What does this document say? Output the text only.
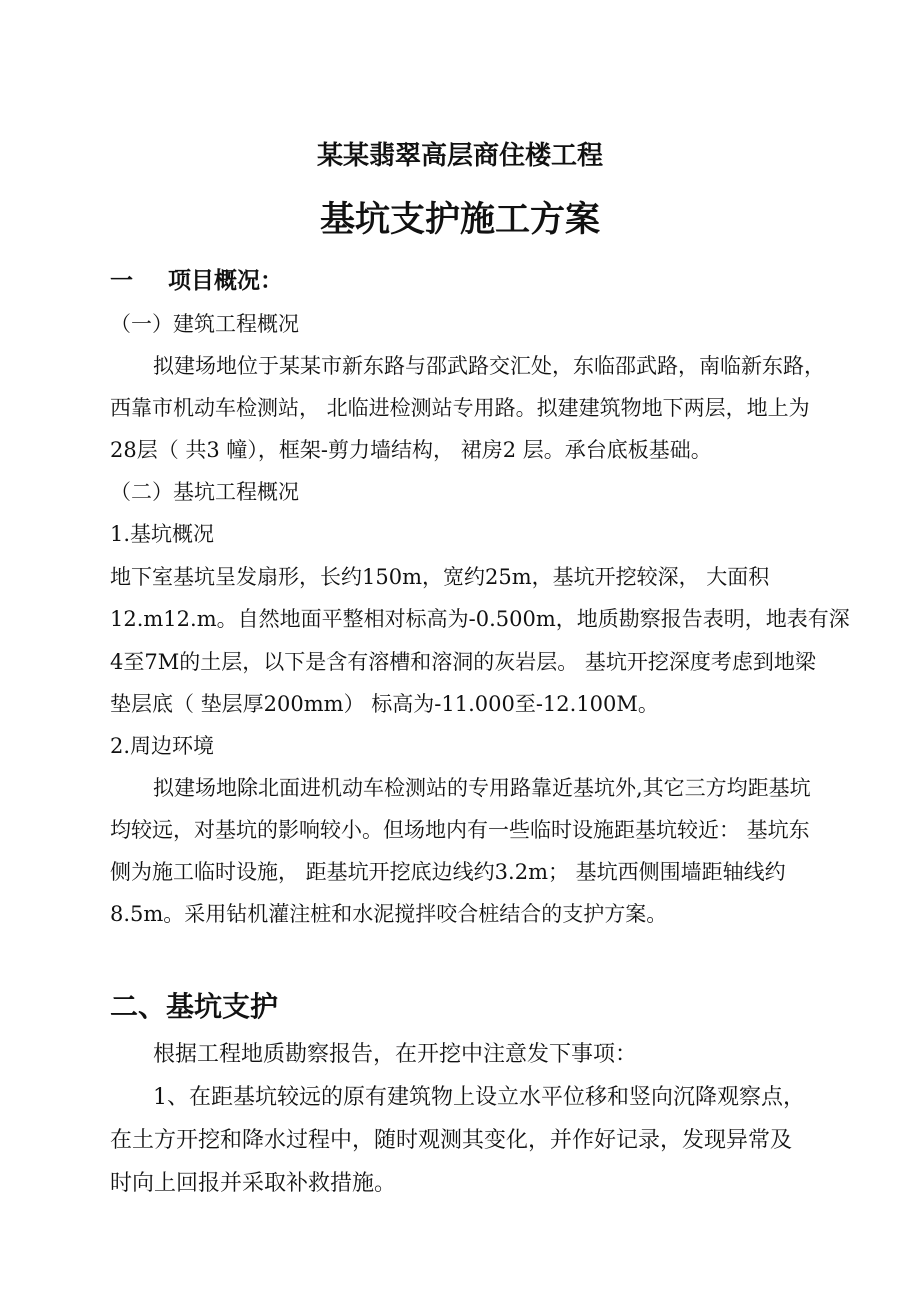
某某翡翠高层商住楼工程
基坑支护施工方案
一 项目概况：
（一）建筑工程概况
拟建场地位于某某市新东路与邵武路交汇处，东临邵武路，南临新东路，
西靠市机动车检测站， 北临进检测站专用路。拟建建筑物地下两层，地上为
28层（ 共3 幢），框架-剪力墙结构， 裙房2 层。承台底板基础。
（二）基坑工程概况
1.基坑概况
地下室基坑呈发扇形，长约150m，宽约25m，基坑开挖较深， 大面积
12.m12.m。自然地面平整相对标高为-0.500m，地质勘察报告表明，地表有深
4至7M的土层，以下是含有溶槽和溶洞的灰岩层。 基坑开挖深度考虑到地梁
垫层底（ 垫层厚200mm） 标高为-11.000至-12.100M。
2.周边环境
拟建场地除北面进机动车检测站的专用路靠近基坑外,其它三方均距基坑
均较远，对基坑的影响较小。但场地内有一些临时设施距基坑较近： 基坑东
侧为施工临时设施， 距基坑开挖底边线约3.2m； 基坑西侧围墙距轴线约
8.5m。采用钻机灌注桩和水泥搅拌咬合桩结合的支护方案。
二、基坑支护
根据工程地质勘察报告，在开挖中注意发下事项：
1、在距基坑较远的原有建筑物上设立水平位移和竖向沉降观察点，
在土方开挖和降水过程中，随时观测其变化，并作好记录，发现异常及
时向上回报并采取补救措施。
